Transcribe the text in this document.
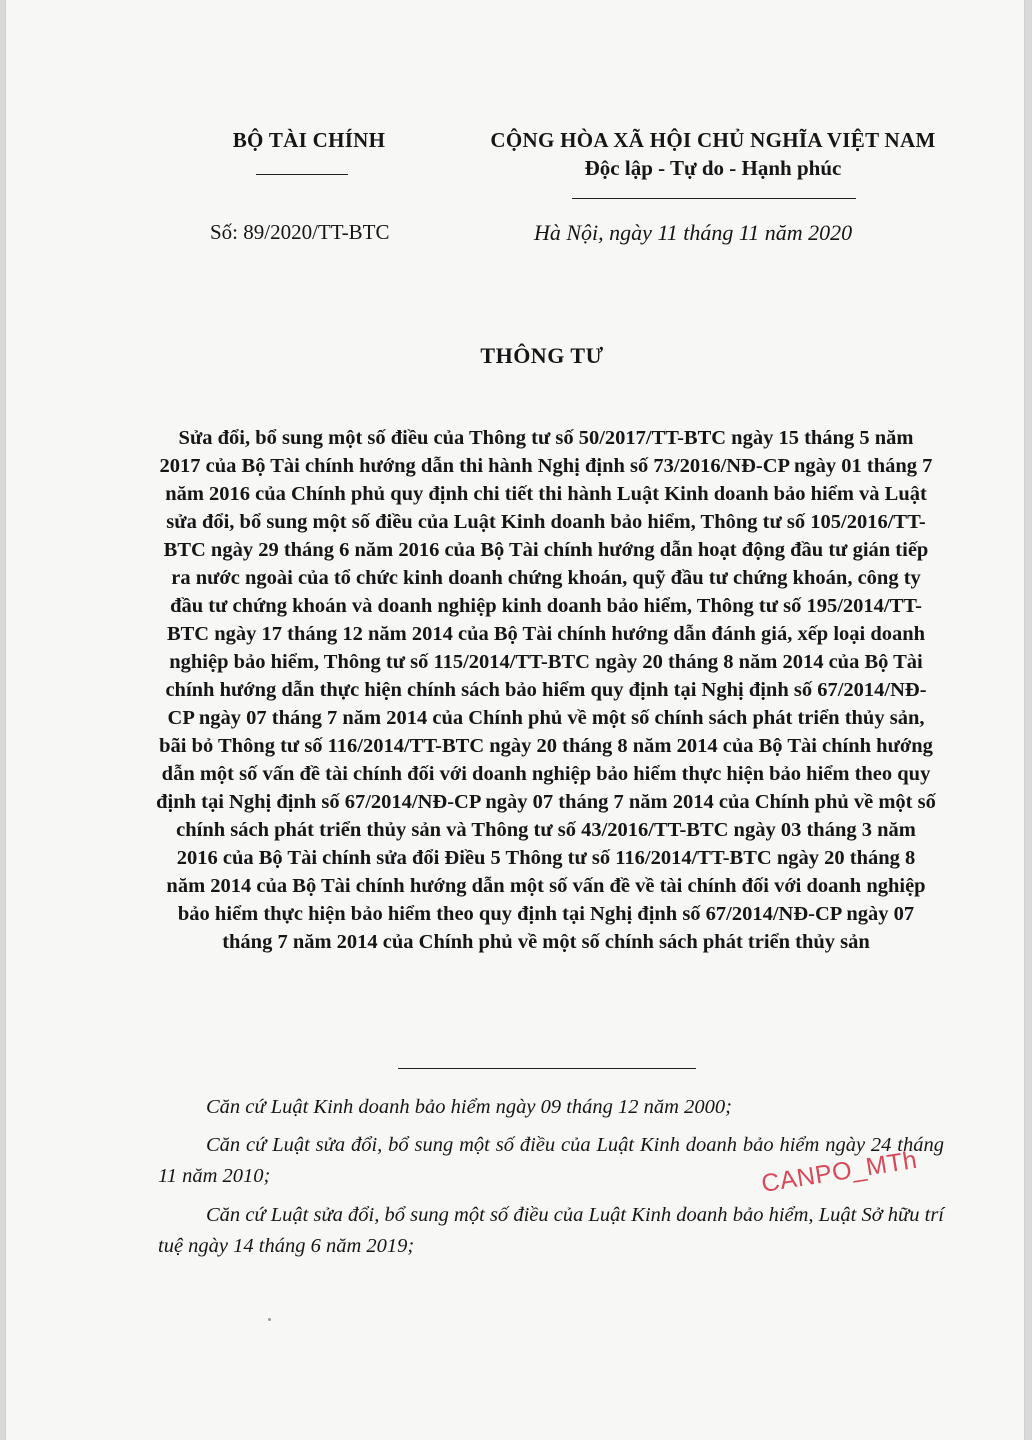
BỘ TÀI CHÍNH	CỘNG HÒA XÃ HỘI CHỦ NGHĨA VIỆT NAM
Độc lập - Tự do - Hạnh phúc
Số: 89/2020/TT-BTC	Hà Nội, ngày 11 tháng 11 năm 2020
THÔNG TƯ
Sửa đổi, bổ sung một số điều của Thông tư số 50/2017/TT-BTC ngày 15 tháng 5 năm 2017 của Bộ Tài chính hướng dẫn thi hành Nghị định số 73/2016/NĐ-CP ngày 01 tháng 7 năm 2016 của Chính phủ quy định chi tiết thi hành Luật Kinh doanh bảo hiểm và Luật sửa đổi, bổ sung một số điều của Luật Kinh doanh bảo hiểm, Thông tư số 105/2016/TT-BTC ngày 29 tháng 6 năm 2016 của Bộ Tài chính hướng dẫn hoạt động đầu tư gián tiếp ra nước ngoài của tổ chức kinh doanh chứng khoán, quỹ đầu tư chứng khoán, công ty đầu tư chứng khoán và doanh nghiệp kinh doanh bảo hiểm, Thông tư số 195/2014/TT-BTC ngày 17 tháng 12 năm 2014 của Bộ Tài chính hướng dẫn đánh giá, xếp loại doanh nghiệp bảo hiểm, Thông tư số 115/2014/TT-BTC ngày 20 tháng 8 năm 2014 của Bộ Tài chính hướng dẫn thực hiện chính sách bảo hiểm quy định tại Nghị định số 67/2014/NĐ-CP ngày 07 tháng 7 năm 2014 của Chính phủ về một số chính sách phát triển thủy sản, bãi bỏ Thông tư số 116/2014/TT-BTC ngày 20 tháng 8 năm 2014 của Bộ Tài chính hướng dẫn một số vấn đề tài chính đối với doanh nghiệp bảo hiểm thực hiện bảo hiểm theo quy định tại Nghị định số 67/2014/NĐ-CP ngày 07 tháng 7 năm 2014 của Chính phủ về một số chính sách phát triển thủy sản và Thông tư số 43/2016/TT-BTC ngày 03 tháng 3 năm 2016 của Bộ Tài chính sửa đổi Điều 5 Thông tư số 116/2014/TT-BTC ngày 20 tháng 8 năm 2014 của Bộ Tài chính hướng dẫn một số vấn đề về tài chính đối với doanh nghiệp bảo hiểm thực hiện bảo hiểm theo quy định tại Nghị định số 67/2014/NĐ-CP ngày 07 tháng 7 năm 2014 của Chính phủ về một số chính sách phát triển thủy sản

Căn cứ Luật Kinh doanh bảo hiểm ngày 09 tháng 12 năm 2000;

Căn cứ Luật sửa đổi, bổ sung một số điều của Luật Kinh doanh bảo hiểm ngày 24 tháng 11 năm 2010;

Căn cứ Luật sửa đổi, bổ sung một số điều của Luật Kinh doanh bảo hiểm, Luật Sở hữu trí tuệ ngày 14 tháng 6 năm 2019;

CANPO_MTh
